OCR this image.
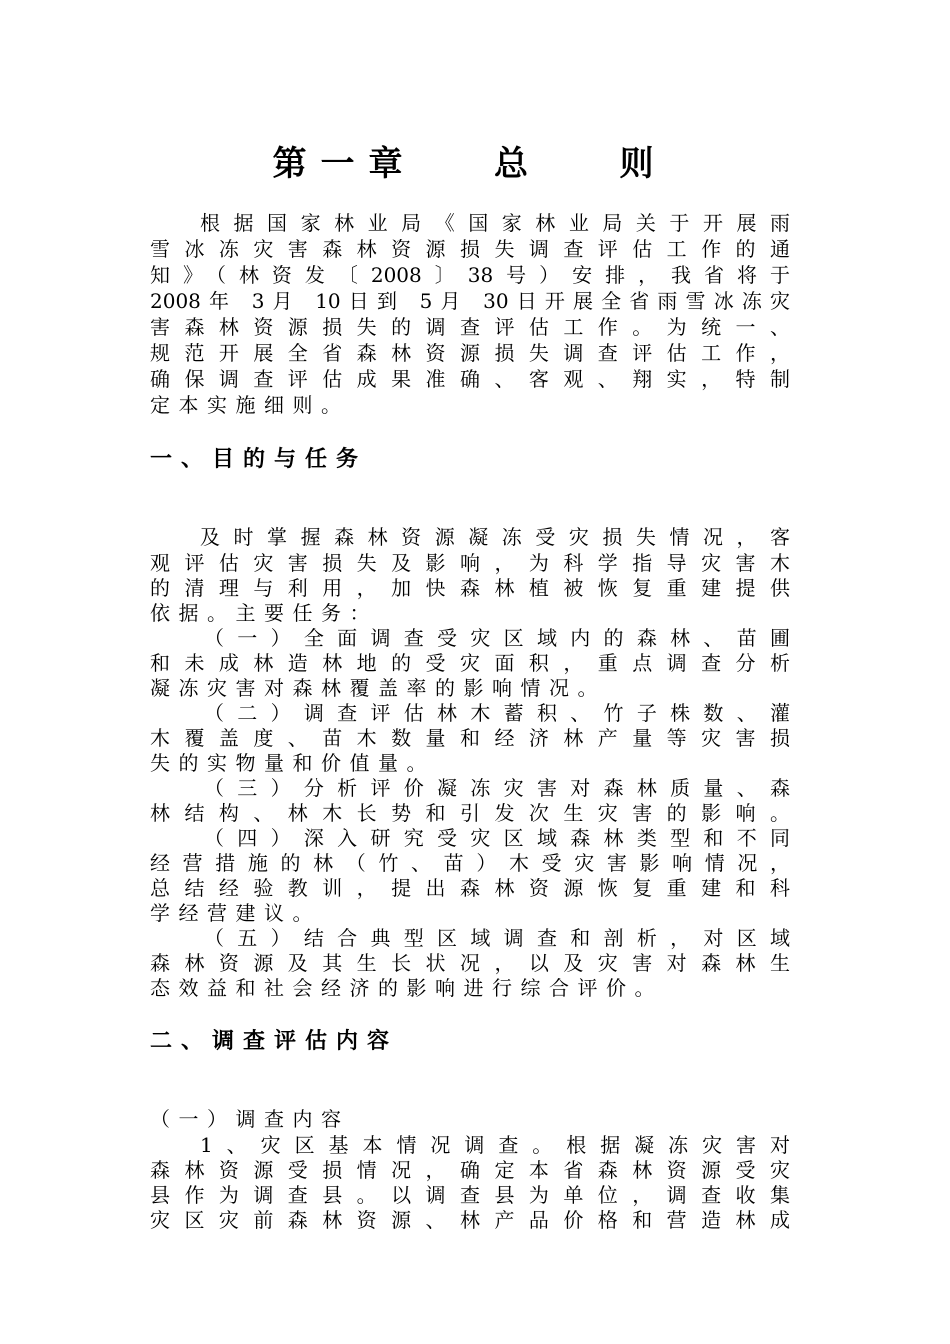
第一章   总   则
根据国家林业局《国家林业局关于开展雨
雪冰冻灾害森林资源损失调查评估工作的通
知》（林资发〔2008〕38号）安排，我省将于
2008年 3月 10日到 5月 30日开展全省雨雪冰冻灾
害森林资源损失的调查评估工作。为统一、
规范开展全省森林资源损失调查评估工作，
确保调查评估成果准确、客观、翔实，特制
定本实施细则。
一、目的与任务
及时掌握森林资源凝冻受灾损失情况，客
观评估灾害损失及影响，为科学指导灾害木
的清理与利用，加快森林植被恢复重建提供
依据。主要任务：
（一）全面调查受灾区域内的森林、苗圃
和未成林造林地的受灾面积，重点调查分析
凝冻灾害对森林覆盖率的影响情况。
（二）调查评估林木蓄积、竹子株数、灌
木覆盖度、苗木数量和经济林产量等灾害损
失的实物量和价值量。
（三）分析评价凝冻灾害对森林质量、森
林结构、林木长势和引发次生灾害的影响。
（四）深入研究受灾区域森林类型和不同
经营措施的林（竹、苗）木受灾害影响情况，
总结经验教训，提出森林资源恢复重建和科
学经营建议。
（五）结合典型区域调查和剖析，对区域
森林资源及其生长状况，以及灾害对森林生
态效益和社会经济的影响进行综合评价。
二、调查评估内容
（一）调查内容
1、灾区基本情况调查。根据凝冻灾害对
森林资源受损情况，确定本省森林资源受灾
县作为调查县。以调查县为单位，调查收集
灾区灾前森林资源、林产品价格和营造林成
